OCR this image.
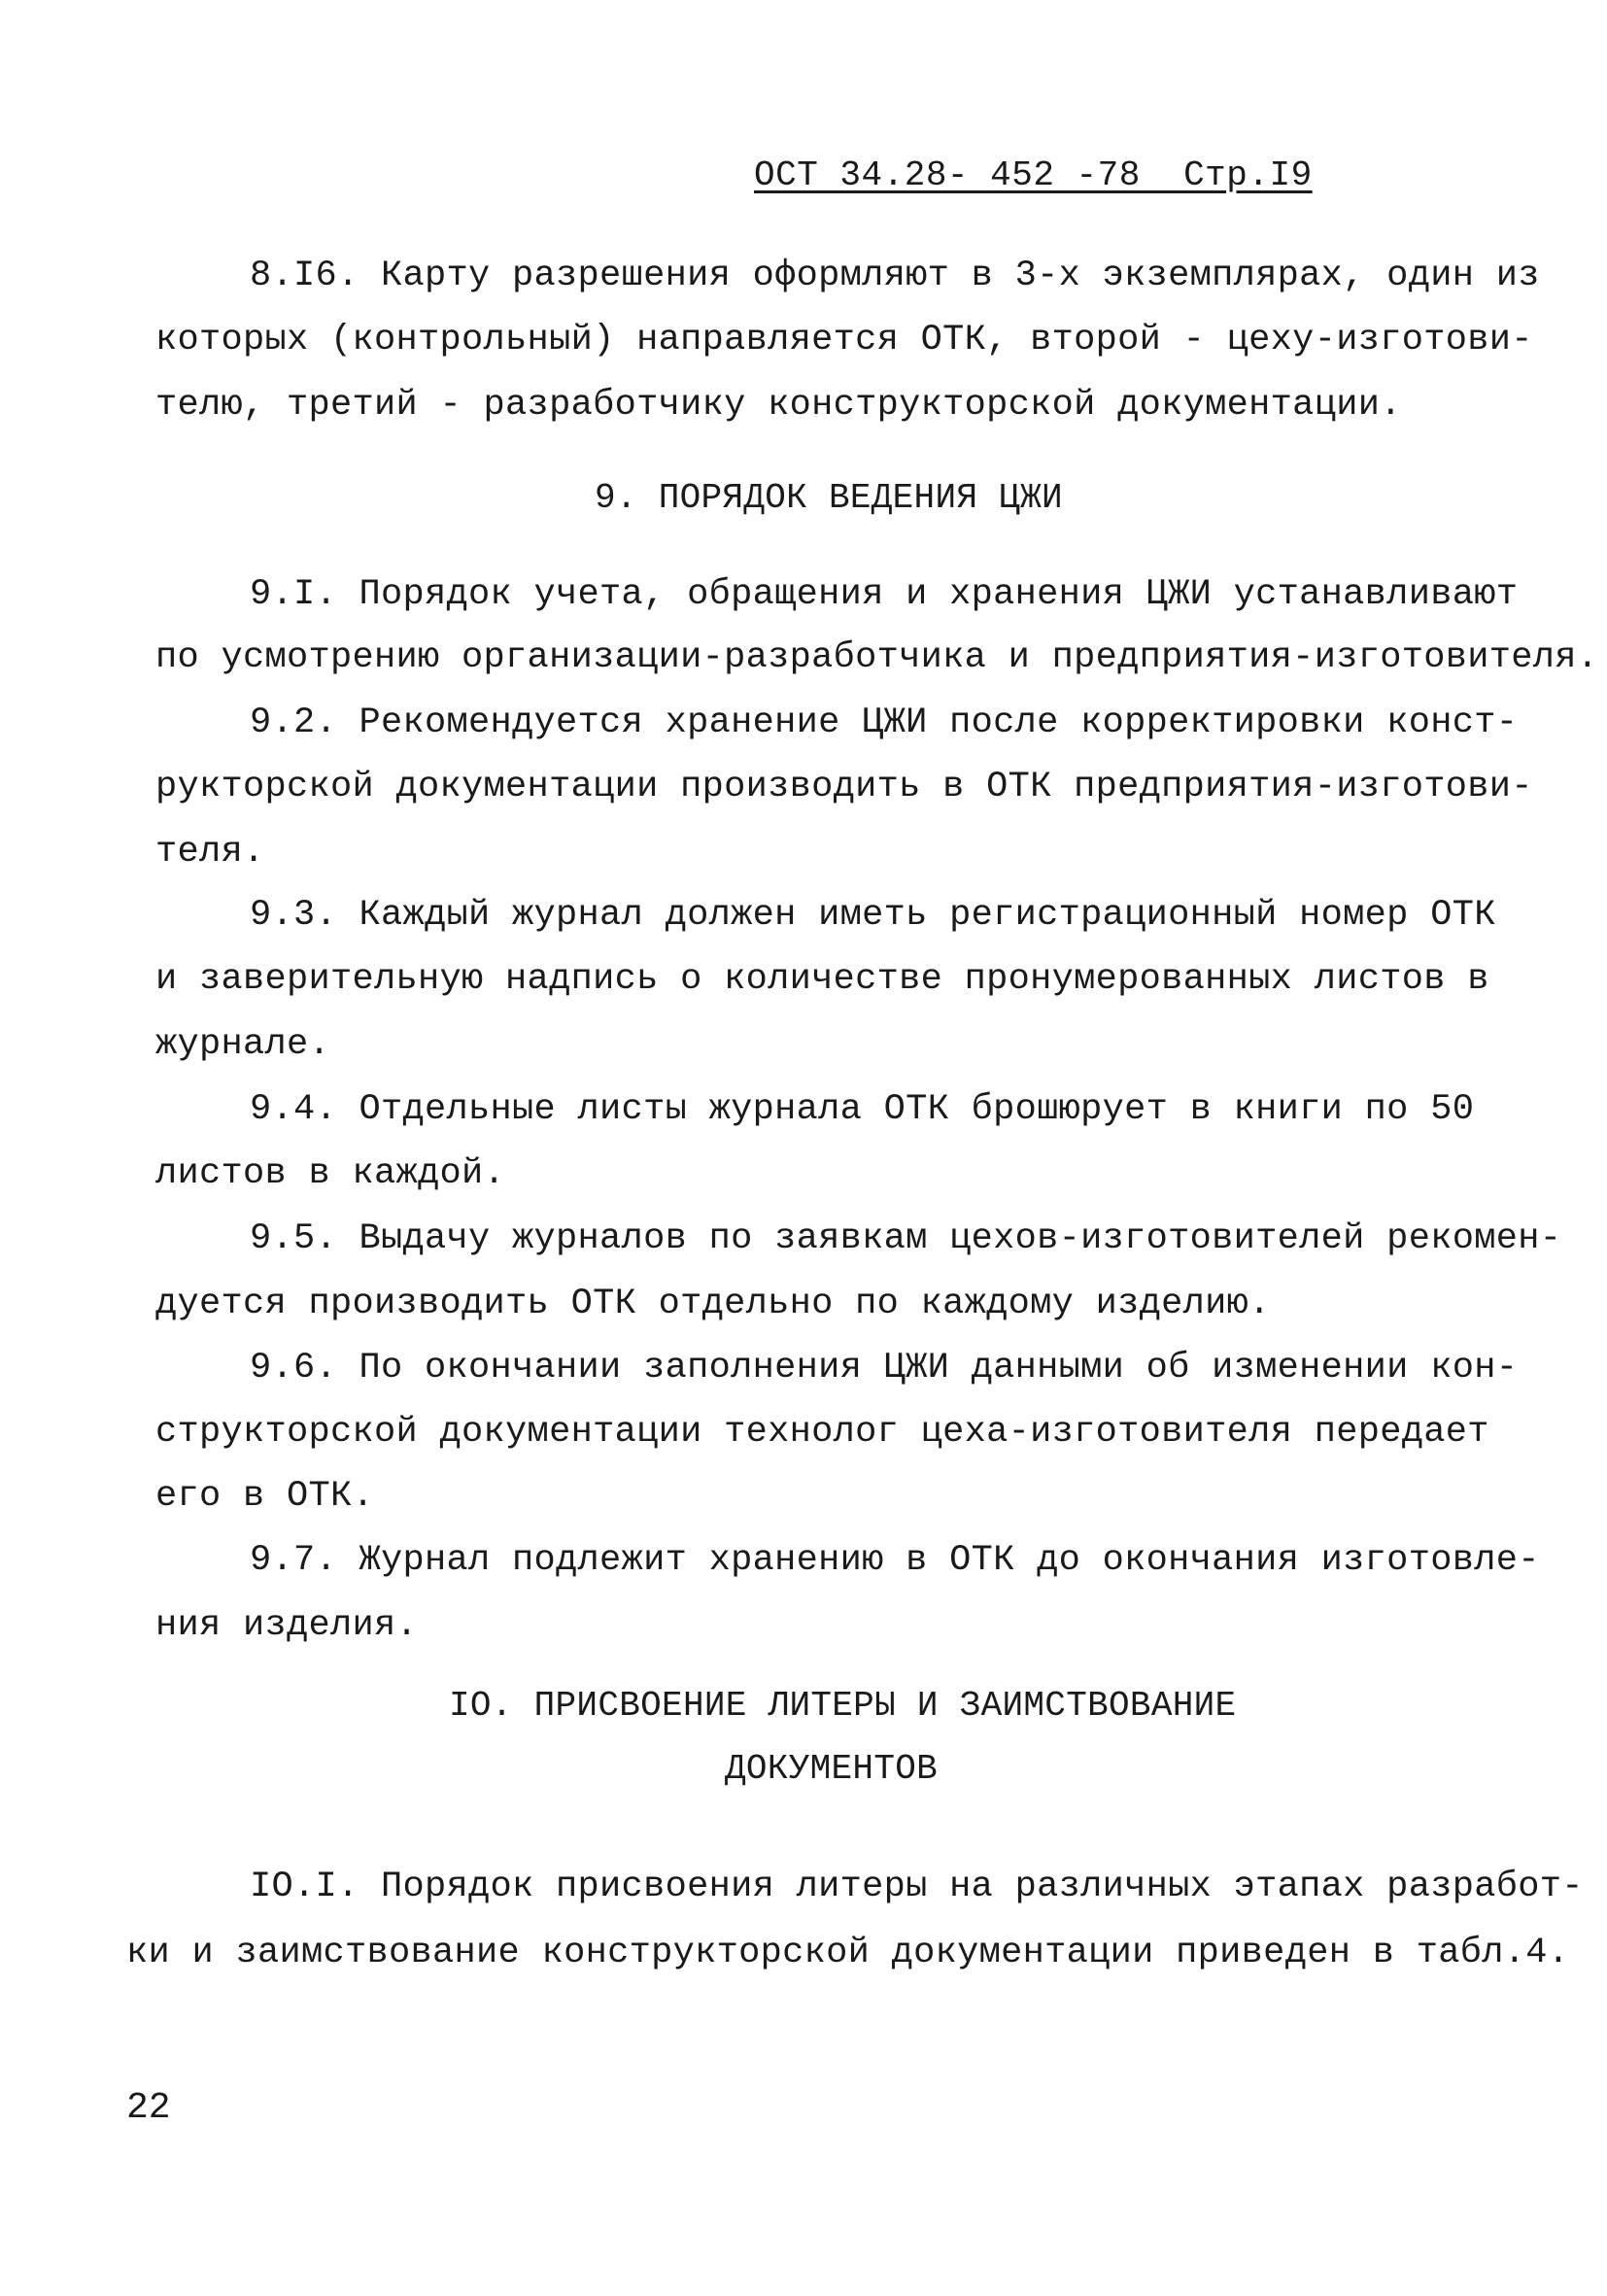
ОСТ 34.28- 452 -78  Стр.I9
8.I6. Карту разрешения оформляют в 3-х экземплярах, один из
которых (контрольный) направляется ОТК, второй - цеху-изготови-
телю, третий - разработчику конструкторской документации.
9. ПОРЯДОК ВЕДЕНИЯ ЦЖИ
9.I. Порядок учета, обращения и хранения ЦЖИ устанавливают
по усмотрению организации-разработчика и предприятия-изготовителя.
9.2. Рекомендуется хранение ЦЖИ после корректировки конст-
рукторской документации производить в ОТК предприятия-изготови-
теля.
9.3. Каждый журнал должен иметь регистрационный номер ОТК
и заверительную надпись о количестве пронумерованных листов в
журнале.
9.4. Отдельные листы журнала ОТК брошюрует в книги по 50
листов в каждой.
9.5. Выдачу журналов по заявкам цехов-изготовителей рекомен-
дуется производить ОТК отдельно по каждому изделию.
9.6. По окончании заполнения ЦЖИ данными об изменении кон-
структорской документации технолог цеха-изготовителя передает
его в ОТК.
9.7. Журнал подлежит хранению в ОТК до окончания изготовле-
ния изделия.
IO. ПРИСВОЕНИЕ ЛИТЕРЫ И ЗАИМСТВОВАНИЕ
ДОКУМЕНТОВ
IO.I. Порядок присвоения литеры на различных этапах разработ-
ки и заимствование конструкторской документации приведен в табл.4.
22
